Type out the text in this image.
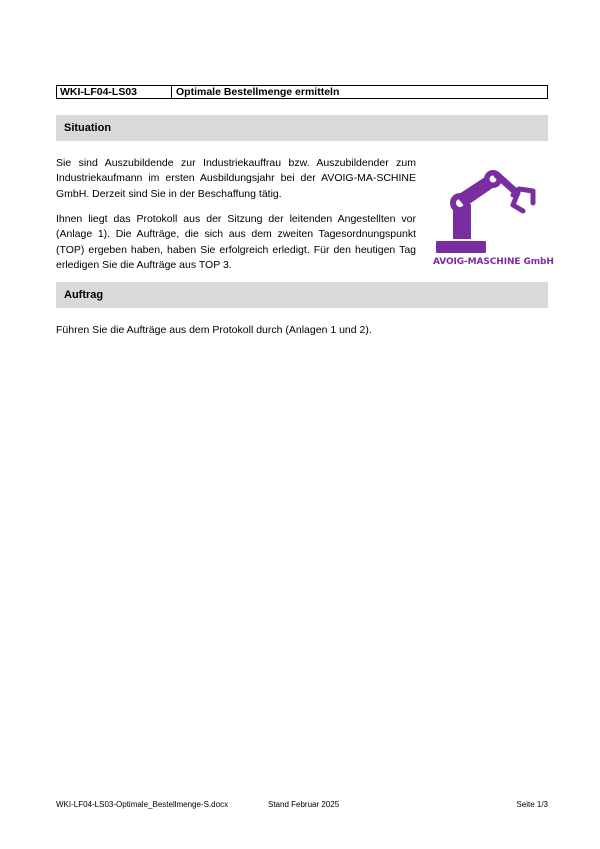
WKI-LF04-LS03	Optimale Bestellmenge ermitteln
Situation
Sie sind Auszubildende zur Industriekauffrau bzw. Auszubildender zum Industriekaufmann im ersten Ausbildungsjahr bei der AVOIG-MA-SCHINE GmbH. Derzeit sind Sie in der Beschaffung tätig.
Ihnen liegt das Protokoll aus der Sitzung der leitenden Angestellten vor (Anlage 1). Die Aufträge, die sich aus dem zweiten Tagesordnungspunkt (TOP) ergeben haben, haben Sie erfolgreich erledigt. Für den heutigen Tag erledigen Sie die Aufträge aus TOP 3.	AVOIG-MASCHINE GmbH
Auftrag
Führen Sie die Aufträge aus dem Protokoll durch (Anlagen 1 und 2).
WKI-LF04-LS03-Optimale_Bestellmenge-S.docx	Stand Februar 2025	Seite 1/3
